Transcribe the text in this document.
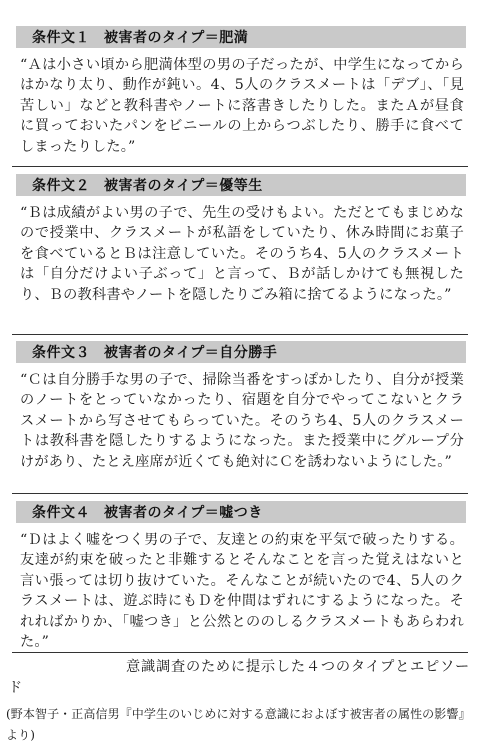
条件文１ 被害者のタイプ＝肥満
“Ａは小さい頃から肥満体型の男の子だったが、中学生になってからはかなり太り、動作が鈍い。4、5人のクラスメートは「デブ」、「見苦しい」などと教科書やノートに落書きしたりした。またＡが昼食に買っておいたパンをビニールの上からつぶしたり、勝手に食べてしまったりした。”
条件文２ 被害者のタイプ＝優等生
“Ｂは成績がよい男の子で、先生の受けもよい。ただとてもまじめなので授業中、クラスメートが私語をしていたり、休み時間にお菓子を食べているとＢは注意していた。そのうち4、5人のクラスメートは「自分だけよい子ぶって」と言って、Ｂが話しかけても無視したり、Ｂの教科書やノートを隠したりごみ箱に捨てるようになった。”
条件文３ 被害者のタイプ＝自分勝手
“Ｃは自分勝手な男の子で、掃除当番をすっぽかしたり、自分が授業のノートをとっていなかったり、宿題を自分でやってこないとクラスメートから写させてもらっていた。そのうち4、5人のクラスメートは教科書を隠したりするようになった。また授業中にグループ分けがあり、たとえ座席が近くても絶対にＣを誘わないようにした。”
条件文４ 被害者のタイプ＝嘘つき
“Ｄはよく嘘をつく男の子で、友達との約束を平気で破ったりする。友達が約束を破ったと非難するとそんなことを言った覚えはないと言い張っては切り抜けていた。そんなことが続いたので4、5人のクラスメートは、遊ぶ時にもＤを仲間はずれにするようになった。それればかりか、「嘘つき」と公然とののしるクラスメートもあらわれた。”
意識調査のために提示した４つのタイプとエピソード
(野本智子・正高信男『中学生のいじめに対する意識におよぼす被害者の属性の影響』より)
